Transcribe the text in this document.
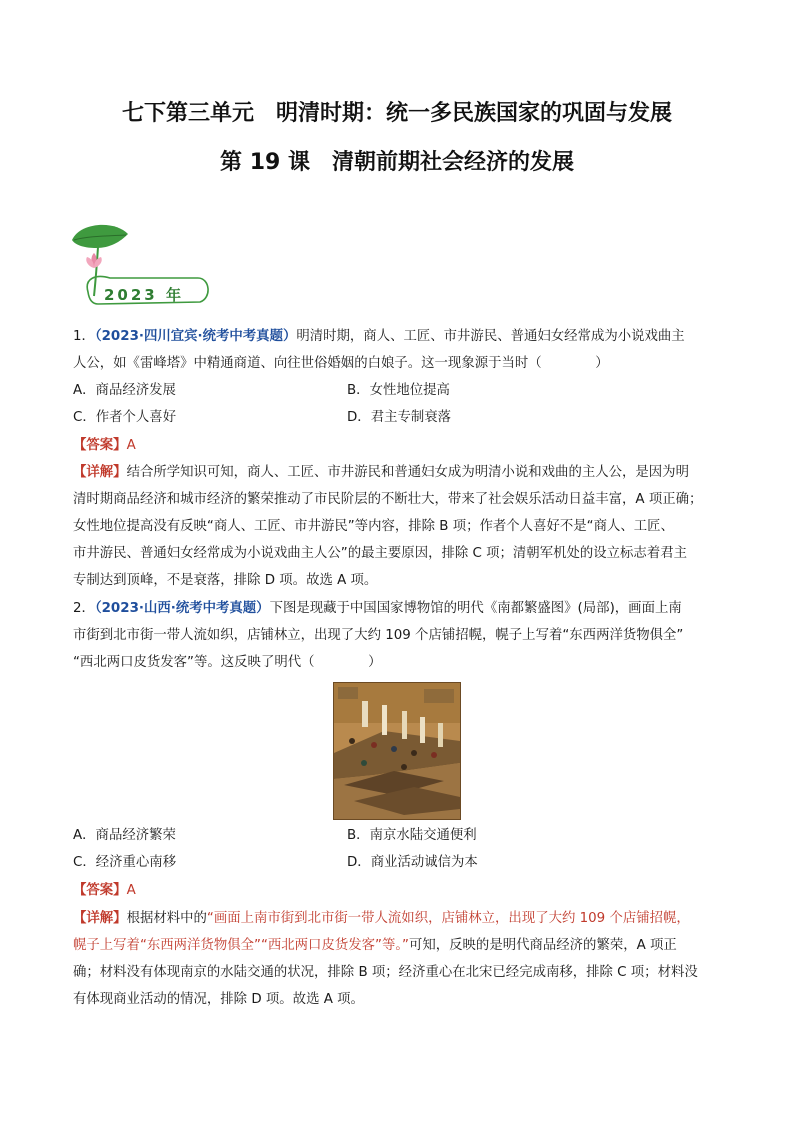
七下第三单元　明清时期：统一多民族国家的巩固与发展
第 19 课　清朝前期社会经济的发展
2023 年
1．（2023·四川宜宾·统考中考真题）明清时期，商人、工匠、市井游民、普通妇女经常成为小说戏曲主
人公，如《雷峰塔》中精通商道、向往世俗婚姻的白娘子。这一现象源于当时（　　　　）
A．商品经济发展	B．女性地位提高
C．作者个人喜好	D．君主专制衰落
【答案】A
【详解】结合所学知识可知，商人、工匠、市井游民和普通妇女成为明清小说和戏曲的主人公，是因为明
清时期商品经济和城市经济的繁荣推动了市民阶层的不断壮大，带来了社会娱乐活动日益丰富，A 项正确；
女性地位提高没有反映“商人、工匠、市井游民”等内容，排除 B 项；作者个人喜好不是“商人、工匠、
市井游民、普通妇女经常成为小说戏曲主人公”的最主要原因，排除 C 项；清朝军机处的设立标志着君主
专制达到顶峰，不是衰落，排除 D 项。故选 A 项。
2．（2023·山西·统考中考真题）下图是现藏于中国国家博物馆的明代《南都繁盛图》(局部)，画面上南
市街到北市街一带人流如织，店铺林立，出现了大约 109 个店铺招幌，幌子上写着“东西两洋货物俱全”
“西北两口皮货发客”等。这反映了明代（　　　　）
A．商品经济繁荣	B．南京水陆交通便利
C．经济重心南移	D．商业活动诚信为本
【答案】A
【详解】根据材料中的“画面上南市街到北市街一带人流如织，店铺林立，出现了大约 109 个店铺招幌，
幌子上写着“东西两洋货物俱全”“西北两口皮货发客”等。”可知，反映的是明代商品经济的繁荣，A 项正
确；材料没有体现南京的水陆交通的状况，排除 B 项；经济重心在北宋已经完成南移，排除 C 项；材料没
有体现商业活动的情况，排除 D 项。故选 A 项。
